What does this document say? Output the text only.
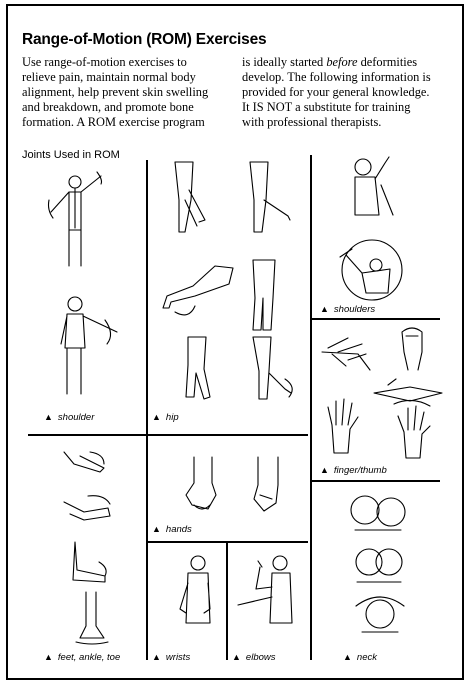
Range-of-Motion (ROM) Exercises

Use range-of-motion exercises to

relieve pain, maintain normal body

alignment, help prevent skin swelling

and breakdown, and promote bone

formation. A ROM exercise program

is ideally started before deformities

develop. The following information is

provided for your general knowledge.

It IS NOT a substitute for training

with professional therapists.

Joints Used in ROM
▲ shoulder	▲ hip
▲ shoulders
▲ finger/thumb
▲ hands
▲ feet, ankle, toe	▲ wrists	▲ elbows	▲ neck
